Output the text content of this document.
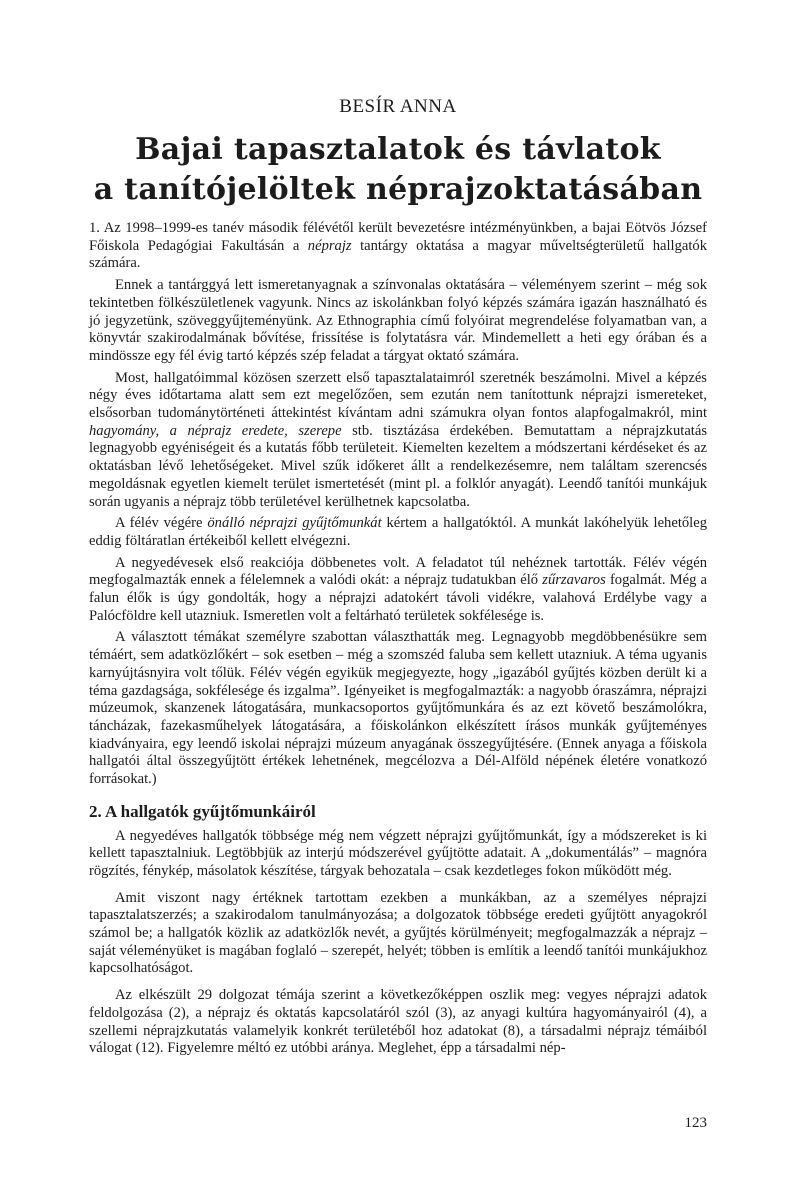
BESÍR ANNA
Bajai tapasztalatok és távlatok
a tanítójelöltek néprajzoktatásában

1. Az 1998–1999-es tanév második félévétől került bevezetésre intézményünkben, a bajai Eötvös József Főiskola Pedagógiai Fakultásán a néprajz tantárgy oktatása a magyar műveltségterületű hallgatók számára.

Ennek a tantárggyá lett ismeretanyagnak a színvonalas oktatására – véleményem szerint – még sok tekintetben fölkészületlenek vagyunk. Nincs az iskolánkban folyó képzés számára igazán használható és jó jegyzetünk, szöveggyűjteményünk. Az Ethnographia című folyóirat megrendelése folyamatban van, a könyvtár szakirodalmának bővítése, frissítése is folytatásra vár. Mindemellett a heti egy órában és a mindössze egy fél évig tartó képzés szép feladat a tárgyat oktató számára.

Most, hallgatóimmal közösen szerzett első tapasztalataimról szeretnék beszámolni. Mivel a képzés négy éves időtartama alatt sem ezt megelőzően, sem ezután nem tanítottunk néprajzi ismereteket, elsősorban tudománytörténeti áttekintést kívántam adni számukra olyan fontos alapfogalmakról, mint hagyomány, a néprajz eredete, szerepe stb. tisztázása érdekében. Bemutattam a néprajzkutatás legnagyobb egyéniségeit és a kutatás főbb területeit. Kiemelten kezeltem a módszertani kérdéseket és az oktatásban lévő lehetőségeket. Mivel szűk időkeret állt a rendelkezésemre, nem találtam szerencsés megoldásnak egyetlen kiemelt terület ismertetését (mint pl. a folklór anyagát). Leendő tanítói munkájuk során ugyanis a néprajz több területével kerülhetnek kapcsolatba.

A félév végére önálló néprajzi gyűjtőmunkát kértem a hallgatóktól. A munkát lakóhelyük lehetőleg eddig föltáratlan értékeiből kellett elvégezni.

A negyedévesek első reakciója döbbenetes volt. A feladatot túl nehéznek tartották. Félév végén megfogalmazták ennek a félelemnek a valódi okát: a néprajz tudatukban élő zűrzavaros fogalmát. Még a falun élők is úgy gondolták, hogy a néprajzi adatokért távoli vidékre, valahová Erdélybe vagy a Palócföldre kell utazniuk. Ismeretlen volt a feltárható területek sokfélesége is.

A választott témákat személyre szabottan választhatták meg. Legnagyobb megdöbbenésükre sem témáért, sem adatközlőkért – sok esetben – még a szomszéd faluba sem kellett utazniuk. A téma ugyanis karnyújtásnyira volt tőlük. Félév végén egyikük megjegyezte, hogy „igazából gyűjtés közben derült ki a téma gazdagsága, sokfélesége és izgalma”. Igényeiket is megfogalmazták: a nagyobb óraszámra, néprajzi múzeumok, skanzenek látogatására, munkacsoportos gyűjtőmunkára és az ezt követő beszámolókra, táncházak, fazekasműhelyek látogatására, a főiskolánkon elkészített írásos munkák gyűjteményes kiadványaira, egy leendő iskolai néprajzi múzeum anyagának összegyűjtésére. (Ennek anyaga a főiskola hallgatói által összegyűjtött értékek lehetnének, megcélozva a Dél-Alföld népének életére vonatkozó forrásokat.)

2. A hallgatók gyűjtőmunkáiról

A negyedéves hallgatók többsége még nem végzett néprajzi gyűjtőmunkát, így a módszereket is ki kellett tapasztalniuk. Legtöbbjük az interjú módszerével gyűjtötte adatait. A „dokumentálás” – magnóra rögzítés, fénykép, másolatok készítése, tárgyak behozatala – csak kezdetleges fokon működött még.

Amit viszont nagy értéknek tartottam ezekben a munkákban, az a személyes néprajzi tapasztalatszerzés; a szakirodalom tanulmányozása; a dolgozatok többsége eredeti gyűjtött anyagokról számol be; a hallgatók közlik az adatközlők nevét, a gyűjtés körülményeit; megfogalmazzák a néprajz – saját véleményüket is magában foglaló – szerepét, helyét; többen is említik a leendő tanítói munkájukhoz kapcsolhatóságot.

Az elkészült 29 dolgozat témája szerint a következőképpen oszlik meg: vegyes néprajzi adatok feldolgozása (2), a néprajz és oktatás kapcsolatáról szól (3), az anyagi kultúra hagyományairól (4), a szellemi néprajzkutatás valamelyik konkrét területéből hoz adatokat (8), a társadalmi néprajz témáiból válogat (12). Figyelemre méltó ez utóbbi aránya. Meglehet, épp a társadalmi nép-

123
